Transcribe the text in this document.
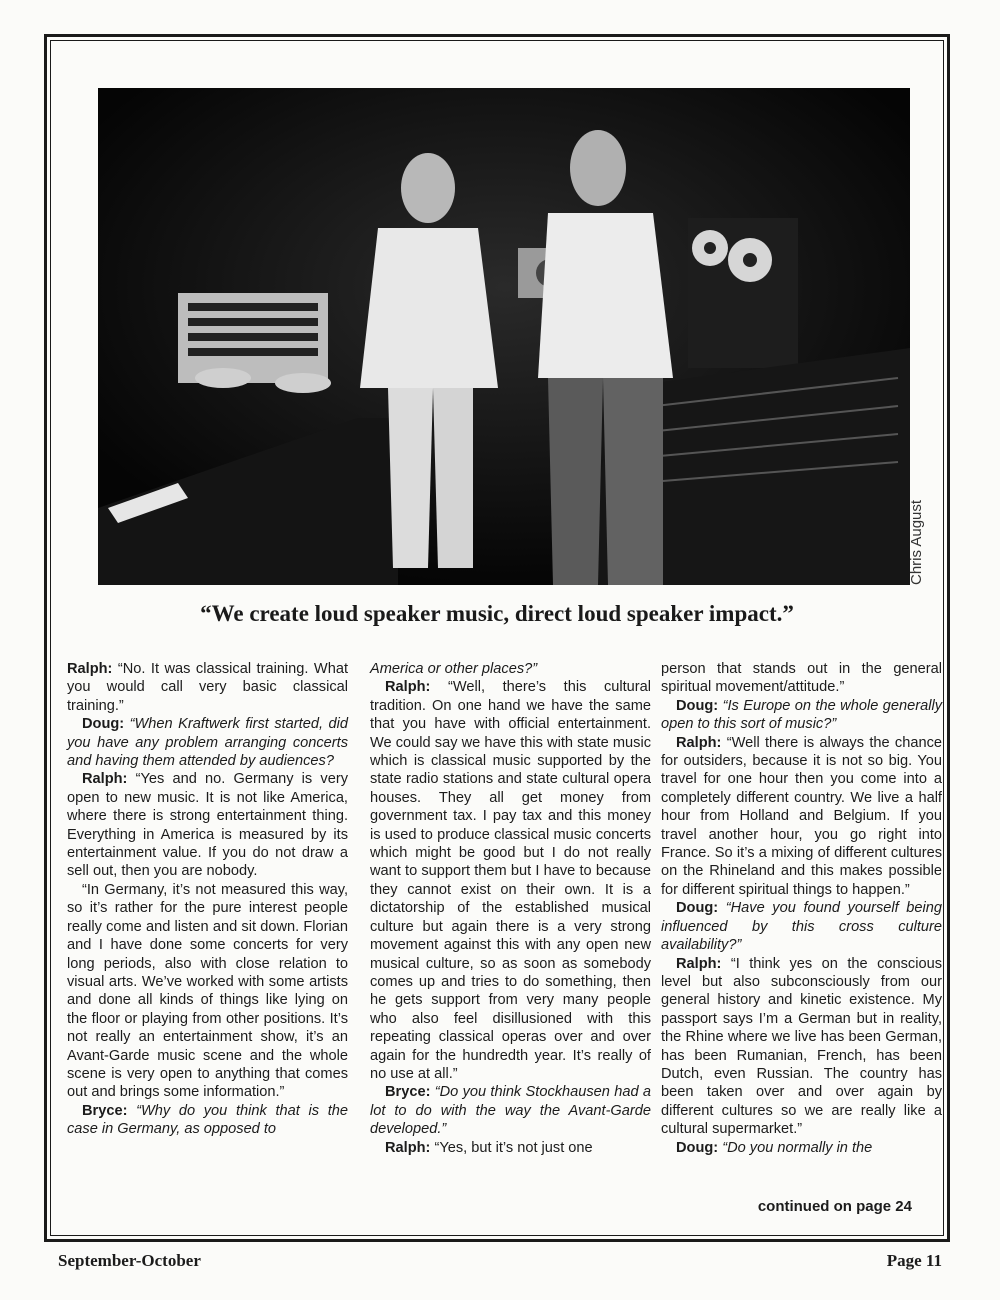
Chris August
“We create loud speaker music, direct loud speaker impact.”

Ralph: “No. It was classical training. What you would call very basic classical training.”

Doug: “When Kraftwerk first started, did you have any problem arranging concerts and having them attended by audiences?

Ralph: “Yes and no. Germany is very open to new music. It is not like America, where there is strong entertainment thing. Everything in America is measured by its entertainment value. If you do not draw a sell out, then you are nobody.

“In Germany, it’s not measured this way, so it’s rather for the pure interest people really come and listen and sit down. Florian and I have done some concerts for very long periods, also with close relation to visual arts. We’ve worked with some artists and done all kinds of things like lying on the floor or playing from other positions. It’s not really an entertainment show, it’s an Avant-Garde music scene and the whole scene is very open to anything that comes out and brings some information.”

Bryce: “Why do you think that is the case in Germany, as opposed to

America or other places?”

Ralph: “Well, there’s this cultural tradition. On one hand we have the same that you have with official entertainment. We could say we have this with state music which is classical music supported by the state radio stations and state cultural opera houses. They all get money from government tax. I pay tax and this money is used to produce classical music concerts which might be good but I do not really want to support them but I have to because they cannot exist on their own. It is a dictatorship of the established musical culture but again there is a very strong movement against this with any open new musical culture, so as soon as somebody comes up and tries to do something, then he gets support from very many people who also feel disillusioned with this repeating classical operas over and over again for the hundredth year. It’s really of no use at all.”

Bryce: “Do you think Stockhausen had a lot to do with the way the Avant-Garde developed.”

Ralph: “Yes, but it’s not just one

person that stands out in the general spiritual movement/attitude.”

Doug: “Is Europe on the whole generally open to this sort of music?”

Ralph: “Well there is always the chance for outsiders, because it is not so big. You travel for one hour then you come into a completely different country. We live a half hour from Holland and Belgium. If you travel another hour, you go right into France. So it’s a mixing of different cultures on the Rhineland and this makes possible for different spiritual things to happen.”

Doug: “Have you found yourself being influenced by this cross culture availability?”

Ralph: “I think yes on the conscious level but also subconsciously from our general history and kinetic existence. My passport says I’m a German but in reality, the Rhine where we live has been German, has been Rumanian, French, has been Dutch, even Russian. The country has been taken over and over again by different cultures so we are really like a cultural supermarket.”

Doug: “Do you normally in the

continued on page 24

September-October	Page 11
